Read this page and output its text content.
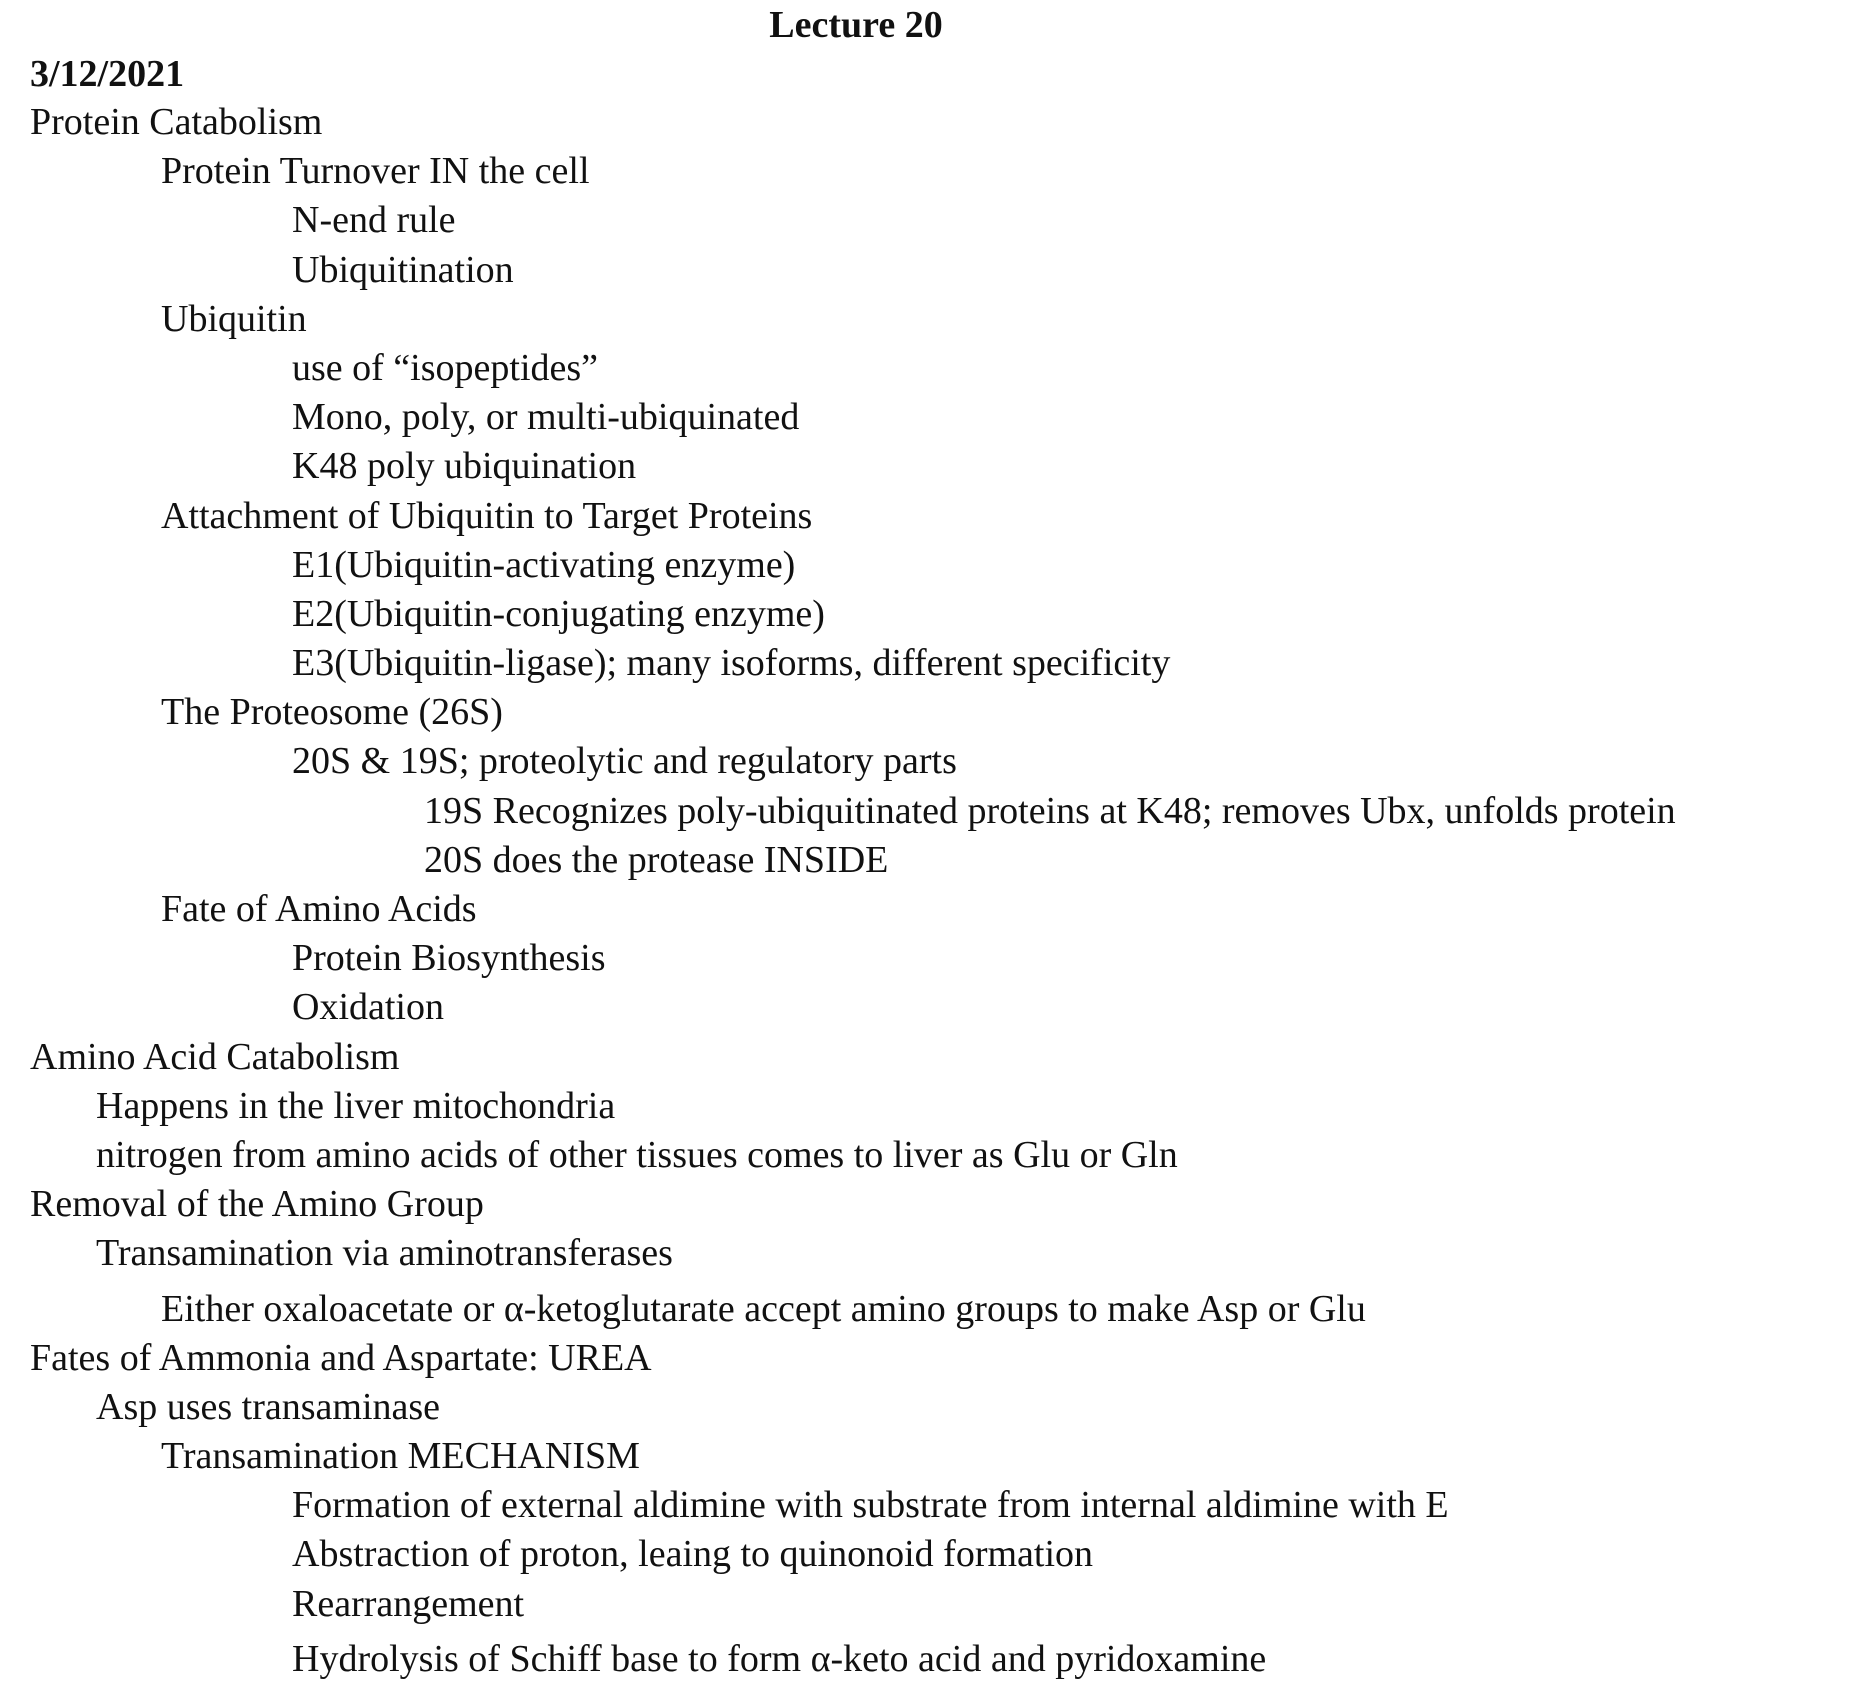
Lecture 20
3/12/2021
Protein Catabolism
Protein Turnover IN the cell
N-end rule
Ubiquitination
Ubiquitin
use of “isopeptides”
Mono, poly, or multi-ubiquinated
K48 poly ubiquination
Attachment of Ubiquitin to Target Proteins
E1(Ubiquitin-activating enzyme)
E2(Ubiquitin-conjugating enzyme)
E3(Ubiquitin-ligase); many isoforms, different specificity
The Proteosome (26S)
20S & 19S; proteolytic and regulatory parts
19S Recognizes poly-ubiquitinated proteins at K48; removes Ubx, unfolds protein
20S does the protease INSIDE
Fate of Amino Acids
Protein Biosynthesis
Oxidation
Amino Acid Catabolism
Happens in the liver mitochondria
nitrogen from amino acids of other tissues comes to liver as Glu or Gln
Removal of the Amino Group
Transamination via aminotransferases
Either oxaloacetate or α-ketoglutarate accept amino groups to make Asp or Glu
Fates of Ammonia and Aspartate: UREA
Asp uses transaminase
Transamination MECHANISM
Formation of external aldimine with substrate from internal aldimine with E
Abstraction of proton, leaing to quinonoid formation
Rearrangement
Hydrolysis of Schiff base to form α-keto acid and pyridoxamine
